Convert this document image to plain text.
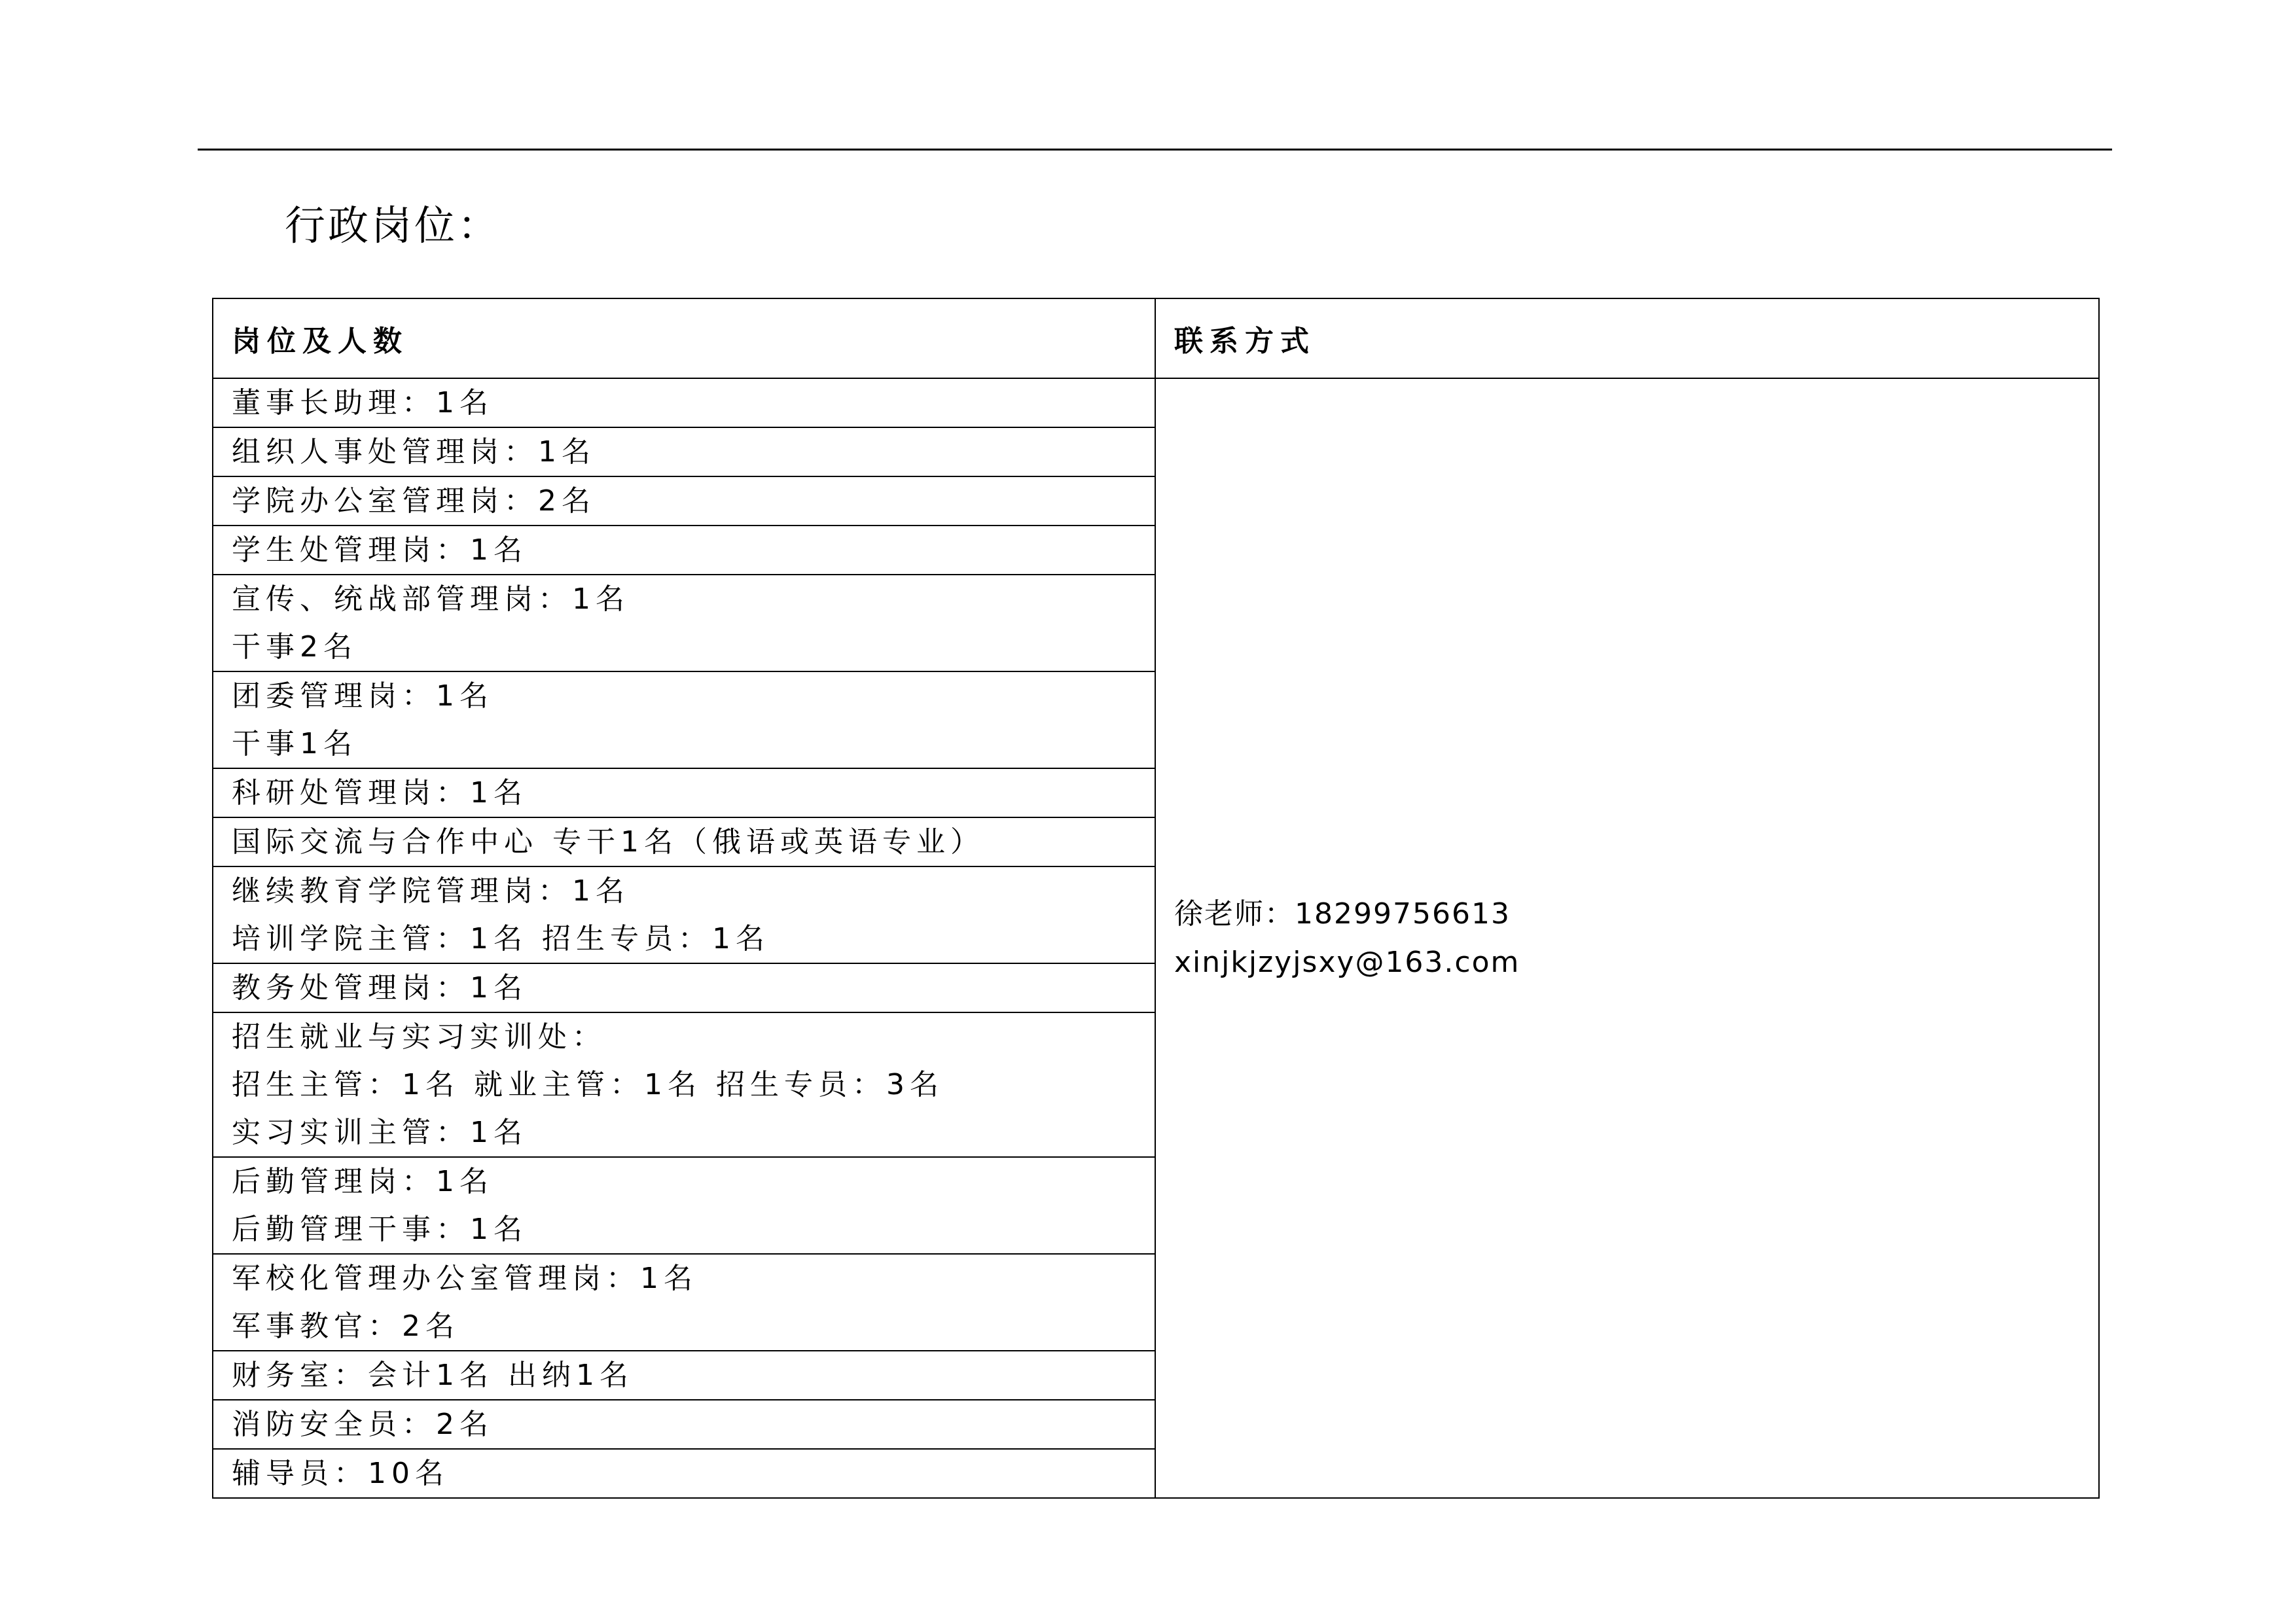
行政岗位：
岗位及人数	联系方式

董事长助理：1名	徐老师：18299756613
xinjkjzyjsxy@163.com

组织人事处管理岗：1名	

学院办公室管理岗：2名	

学生处管理岗：1名	

宣传、统战部管理岗：1名
干事2名	

团委管理岗：1名
干事1名	

科研处管理岗：1名	

国际交流与合作中心 专干1名（俄语或英语专业）	

继续教育学院管理岗：1名
培训学院主管：1名 招生专员：1名	

教务处管理岗：1名	

招生就业与实习实训处：
招生主管：1名 就业主管：1名 招生专员：3名
实习实训主管：1名	

后勤管理岗：1名
后勤管理干事：1名	

军校化管理办公室管理岗：1名
军事教官：2名	

财务室：会计1名 出纳1名	

消防安全员：2名	

辅导员：10名	
